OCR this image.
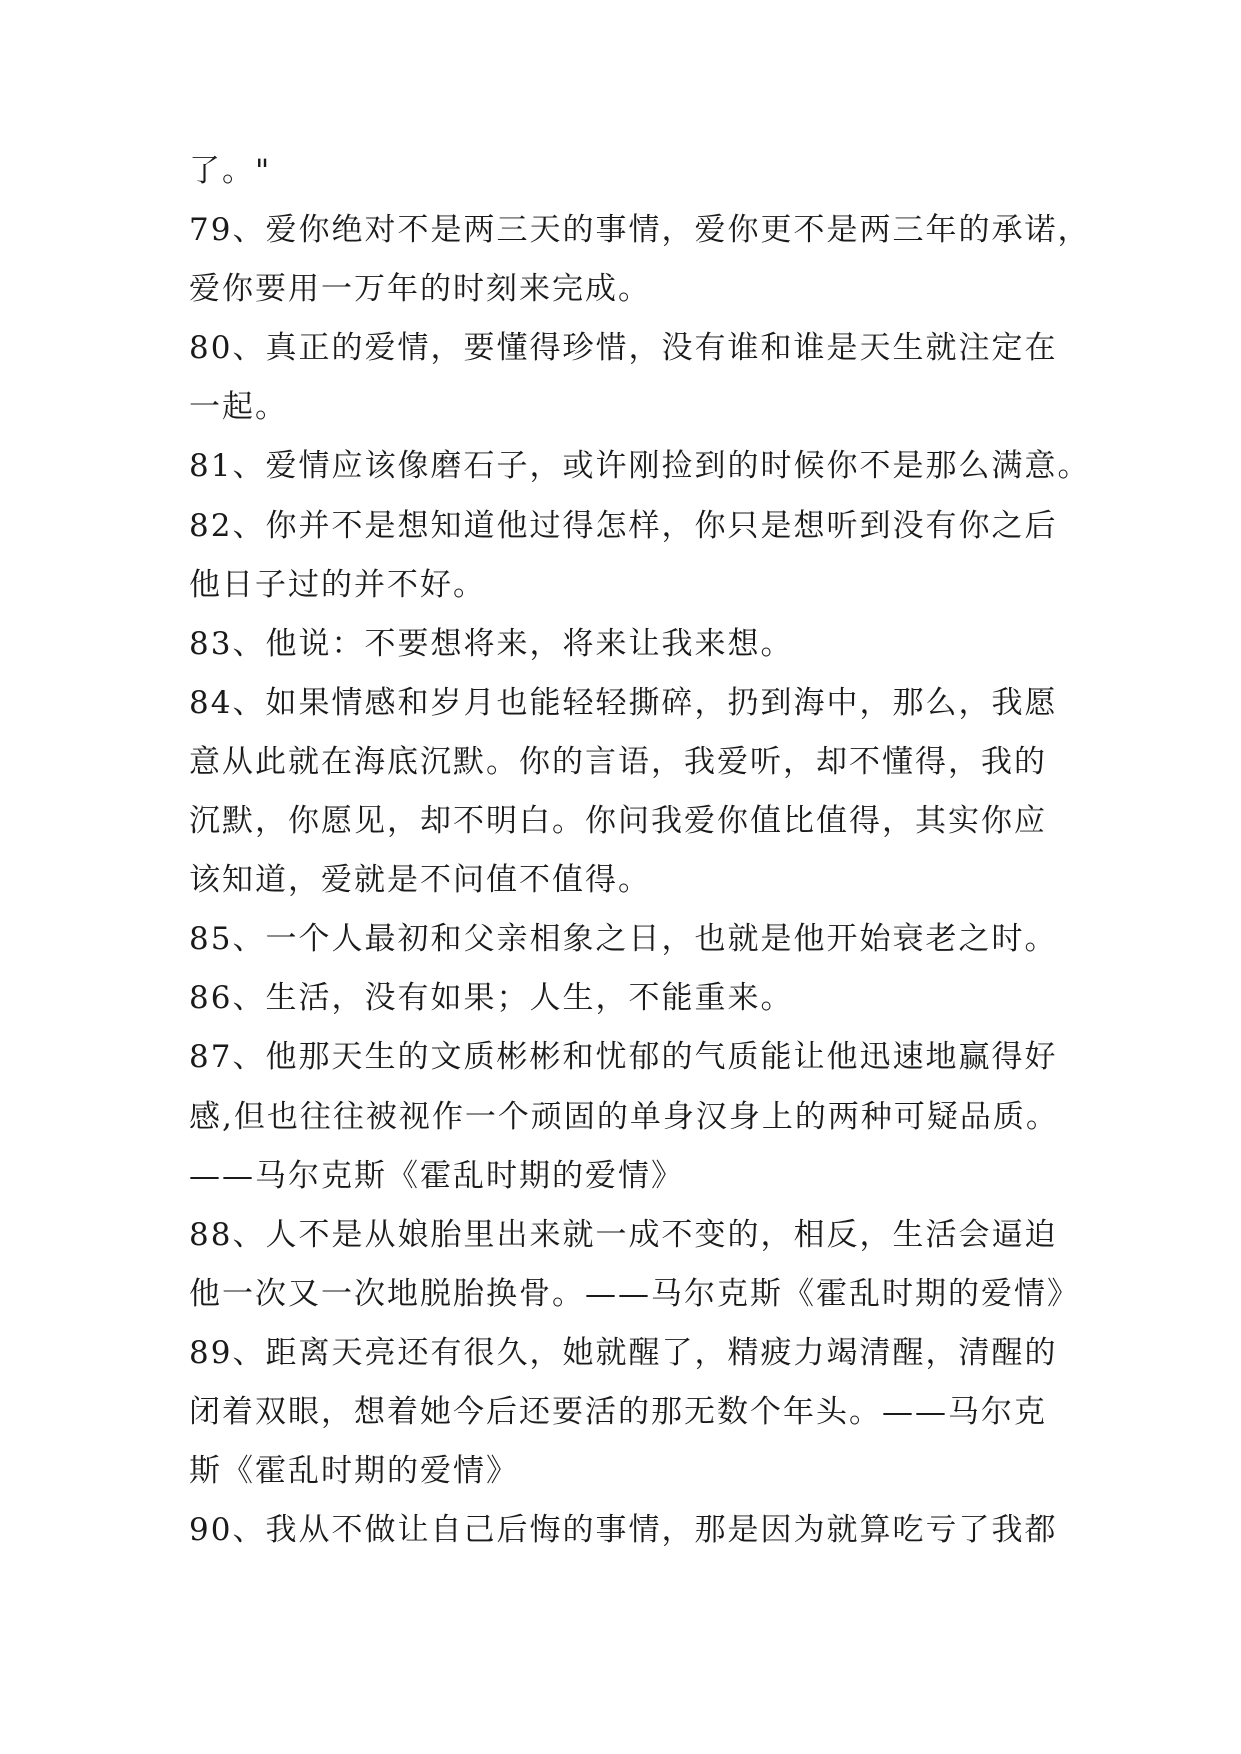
了。"
79、爱你绝对不是两三天的事情，爱你更不是两三年的承诺，
爱你要用一万年的时刻来完成。
80、真正的爱情，要懂得珍惜，没有谁和谁是天生就注定在
一起。
81、爱情应该像磨石子，或许刚捡到的时候你不是那么满意。
82、你并不是想知道他过得怎样，你只是想听到没有你之后
他日子过的并不好。
83、他说：不要想将来，将来让我来想。
84、如果情感和岁月也能轻轻撕碎，扔到海中，那么，我愿
意从此就在海底沉默。你的言语，我爱听，却不懂得，我的
沉默，你愿见，却不明白。你问我爱你值比值得，其实你应
该知道，爱就是不问值不值得。
85、一个人最初和父亲相象之日，也就是他开始衰老之时。
86、生活，没有如果；人生，不能重来。
87、他那天生的文质彬彬和忧郁的气质能让他迅速地赢得好
感,但也往往被视作一个顽固的单身汉身上的两种可疑品质。
——马尔克斯《霍乱时期的爱情》
88、人不是从娘胎里出来就一成不变的，相反，生活会逼迫
他一次又一次地脱胎换骨。——马尔克斯《霍乱时期的爱情》
89、距离天亮还有很久，她就醒了，精疲力竭清醒，清醒的
闭着双眼，想着她今后还要活的那无数个年头。——马尔克
斯《霍乱时期的爱情》
90、我从不做让自己后悔的事情，那是因为就算吃亏了我都
